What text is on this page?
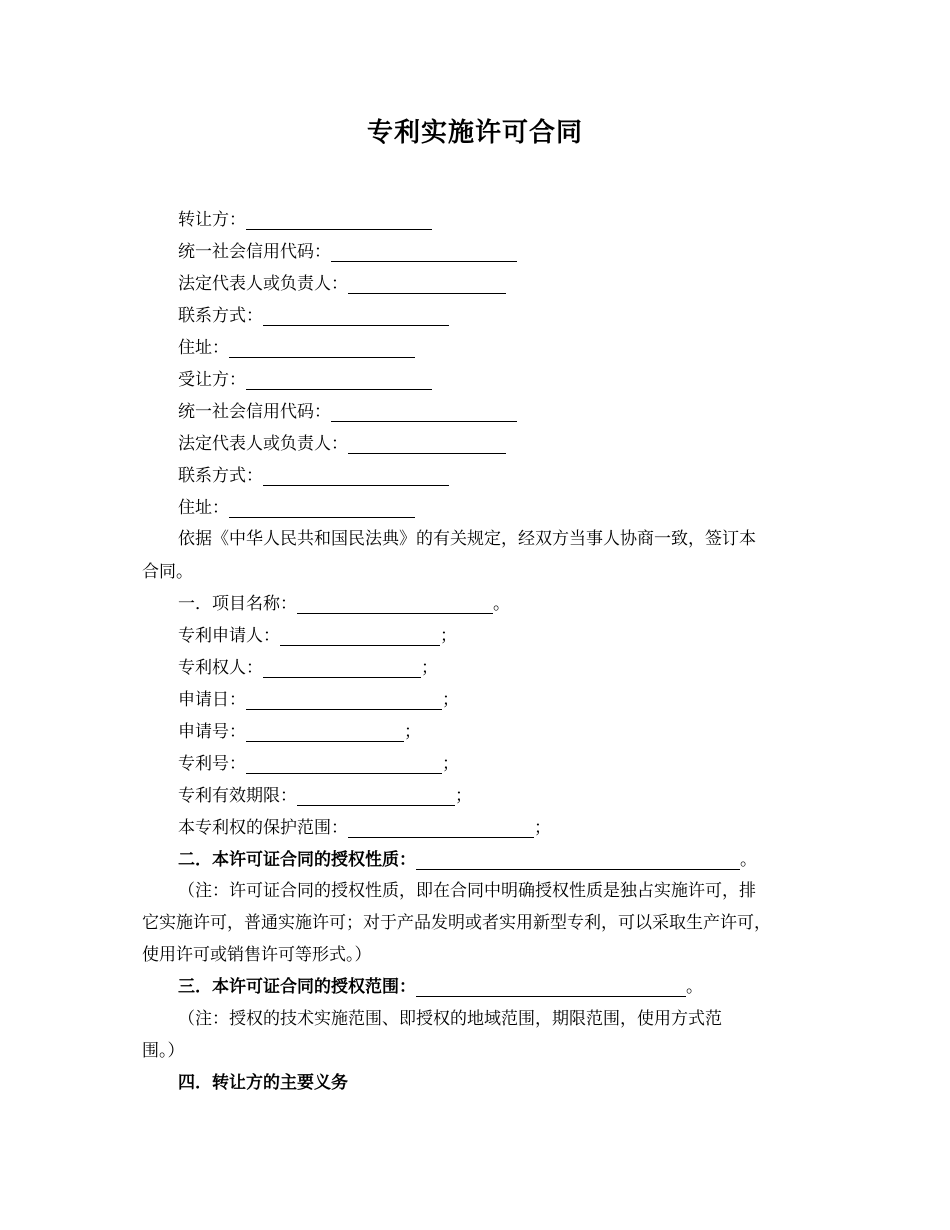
专利实施许可合同
转让方：
统一社会信用代码：
法定代表人或负责人：
联系方式：
住址：
受让方：
统一社会信用代码：
法定代表人或负责人：
联系方式：
住址：
依据《中华人民共和国民法典》的有关规定，经双方当事人协商一致，签订本
合同。
一．项目名称：	。
专利申请人：	；
专利权人：	；
申请日：	；
申请号：	；
专利号：	；
专利有效期限：	；
本专利权的保护范围：	；
二．本许可证合同的授权性质：	。
（注：许可证合同的授权性质，即在合同中明确授权性质是独占实施许可，排
它实施许可，普通实施许可；对于产品发明或者实用新型专利，可以采取生产许可，
使用许可或销售许可等形式。）
三．本许可证合同的授权范围：	。
（注：授权的技术实施范围、即授权的地域范围，期限范围，使用方式范
围。）
四．转让方的主要义务
